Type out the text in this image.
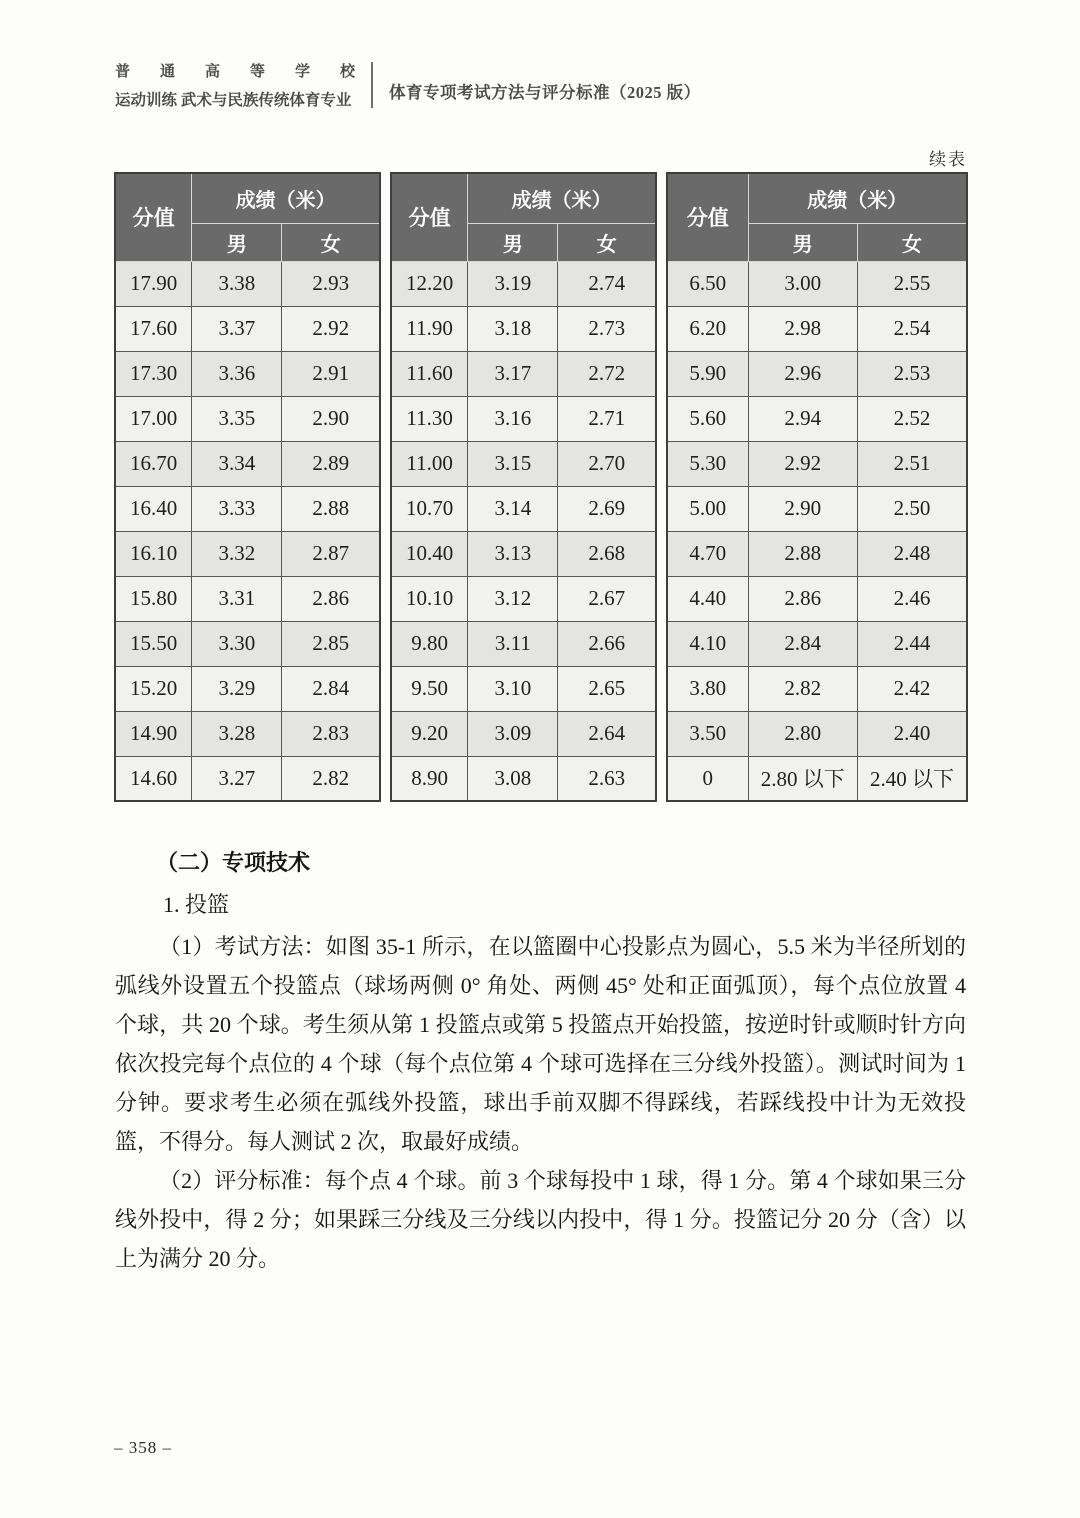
普通高等学校
运动训练 武术与民族传统体育专业 体育专项考试方法与评分标准（2025 版）
续表
分值	成绩（米）	
	男	女
17.90	3.38	2.93
17.60	3.37	2.92
17.30	3.36	2.91
17.00	3.35	2.90
16.70	3.34	2.89
16.40	3.33	2.88
16.10	3.32	2.87
15.80	3.31	2.86
15.50	3.30	2.85
15.20	3.29	2.84
14.90	3.28	2.83
14.60	3.27	2.82
分值	成绩（米）	
	男	女
12.20	3.19	2.74
11.90	3.18	2.73
11.60	3.17	2.72
11.30	3.16	2.71
11.00	3.15	2.70
10.70	3.14	2.69
10.40	3.13	2.68
10.10	3.12	2.67
9.80	3.11	2.66
9.50	3.10	2.65
9.20	3.09	2.64
8.90	3.08	2.63
分值	成绩（米）	
	男	女
6.50	3.00	2.55
6.20	2.98	2.54
5.90	2.96	2.53
5.60	2.94	2.52
5.30	2.92	2.51
5.00	2.90	2.50
4.70	2.88	2.48
4.40	2.86	2.46
4.10	2.84	2.44
3.80	2.82	2.42
3.50	2.80	2.40
0	2.80 以下	2.40 以下
（二）专项技术

1. 投篮

（1）考试方法：如图 35-1 所示，在以篮圈中心投影点为圆心，5.5 米为半径所划的弧线外设置五个投篮点（球场两侧 0° 角处、两侧 45° 处和正面弧顶），每个点位放置 4 个球，共 20 个球。考生须从第 1 投篮点或第 5 投篮点开始投篮，按逆时针或顺时针方向依次投完每个点位的 4 个球（每个点位第 4 个球可选择在三分线外投篮）。测试时间为 1 分钟。要求考生必须在弧线外投篮，球出手前双脚不得踩线，若踩线投中计为无效投篮，不得分。每人测试 2 次，取最好成绩。

（2）评分标准：每个点 4 个球。前 3 个球每投中 1 球，得 1 分。第 4 个球如果三分线外投中，得 2 分；如果踩三分线及三分线以内投中，得 1 分。投篮记分 20 分（含）以上为满分 20 分。

– 358 –
